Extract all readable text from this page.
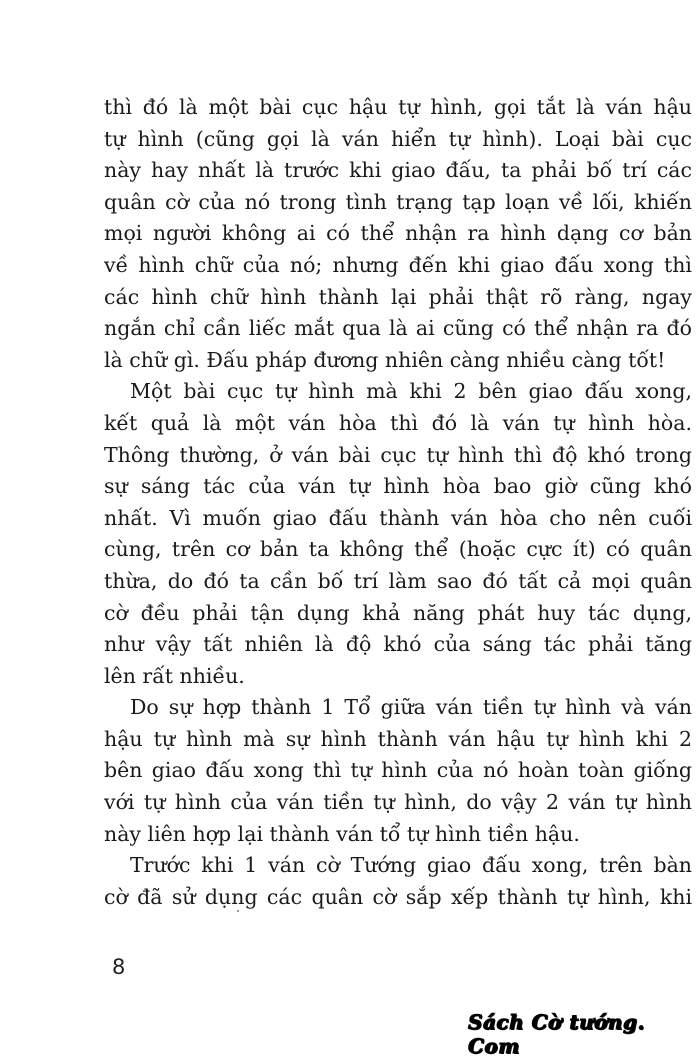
thì đó là một bài cục hậu tự hình, gọi tắt là ván hậu
tự hình (cũng gọi là ván hiển tự hình). Loại bài cục
này hay nhất là trước khi giao đấu, ta phải bố trí các
quân cờ của nó trong tình trạng tạp loạn về lối, khiến
mọi người không ai có thể nhận ra hình dạng cơ bản
về hình chữ của nó; nhưng đến khi giao đấu xong thì
các hình chữ hình thành lại phải thật rõ ràng, ngay
ngắn chỉ cần liếc mắt qua là ai cũng có thể nhận ra đó
là chữ gì. Đấu pháp đương nhiên càng nhiều càng tốt!
Một bài cục tự hình mà khi 2 bên giao đấu xong,
kết quả là một ván hòa thì đó là ván tự hình hòa.
Thông thường, ở ván bài cục tự hình thì độ khó trong
sự sáng tác của ván tự hình hòa bao giờ cũng khó
nhất. Vì muốn giao đấu thành ván hòa cho nên cuối
cùng, trên cơ bản ta không thể (hoặc cực ít) có quân
thừa, do đó ta cần bố trí làm sao đó tất cả mọi quân
cờ đều phải tận dụng khả năng phát huy tác dụng,
như vậy tất nhiên là độ khó của sáng tác phải tăng
lên rất nhiều.
Do sự hợp thành 1 Tổ giữa ván tiền tự hình và ván
hậu tự hình mà sự hình thành ván hậu tự hình khi 2
bên giao đấu xong thì tự hình của nó hoàn toàn giống
với tự hình của ván tiền tự hình, do vậy 2 ván tự hình
này liên hợp lại thành ván tổ tự hình tiền hậu.
Trước khi 1 ván cờ Tướng giao đấu xong, trên bàn
cờ đã sử dụng các quân cờ sắp xếp thành tự hình, khi
8
Sách Cờ tướng. Com
